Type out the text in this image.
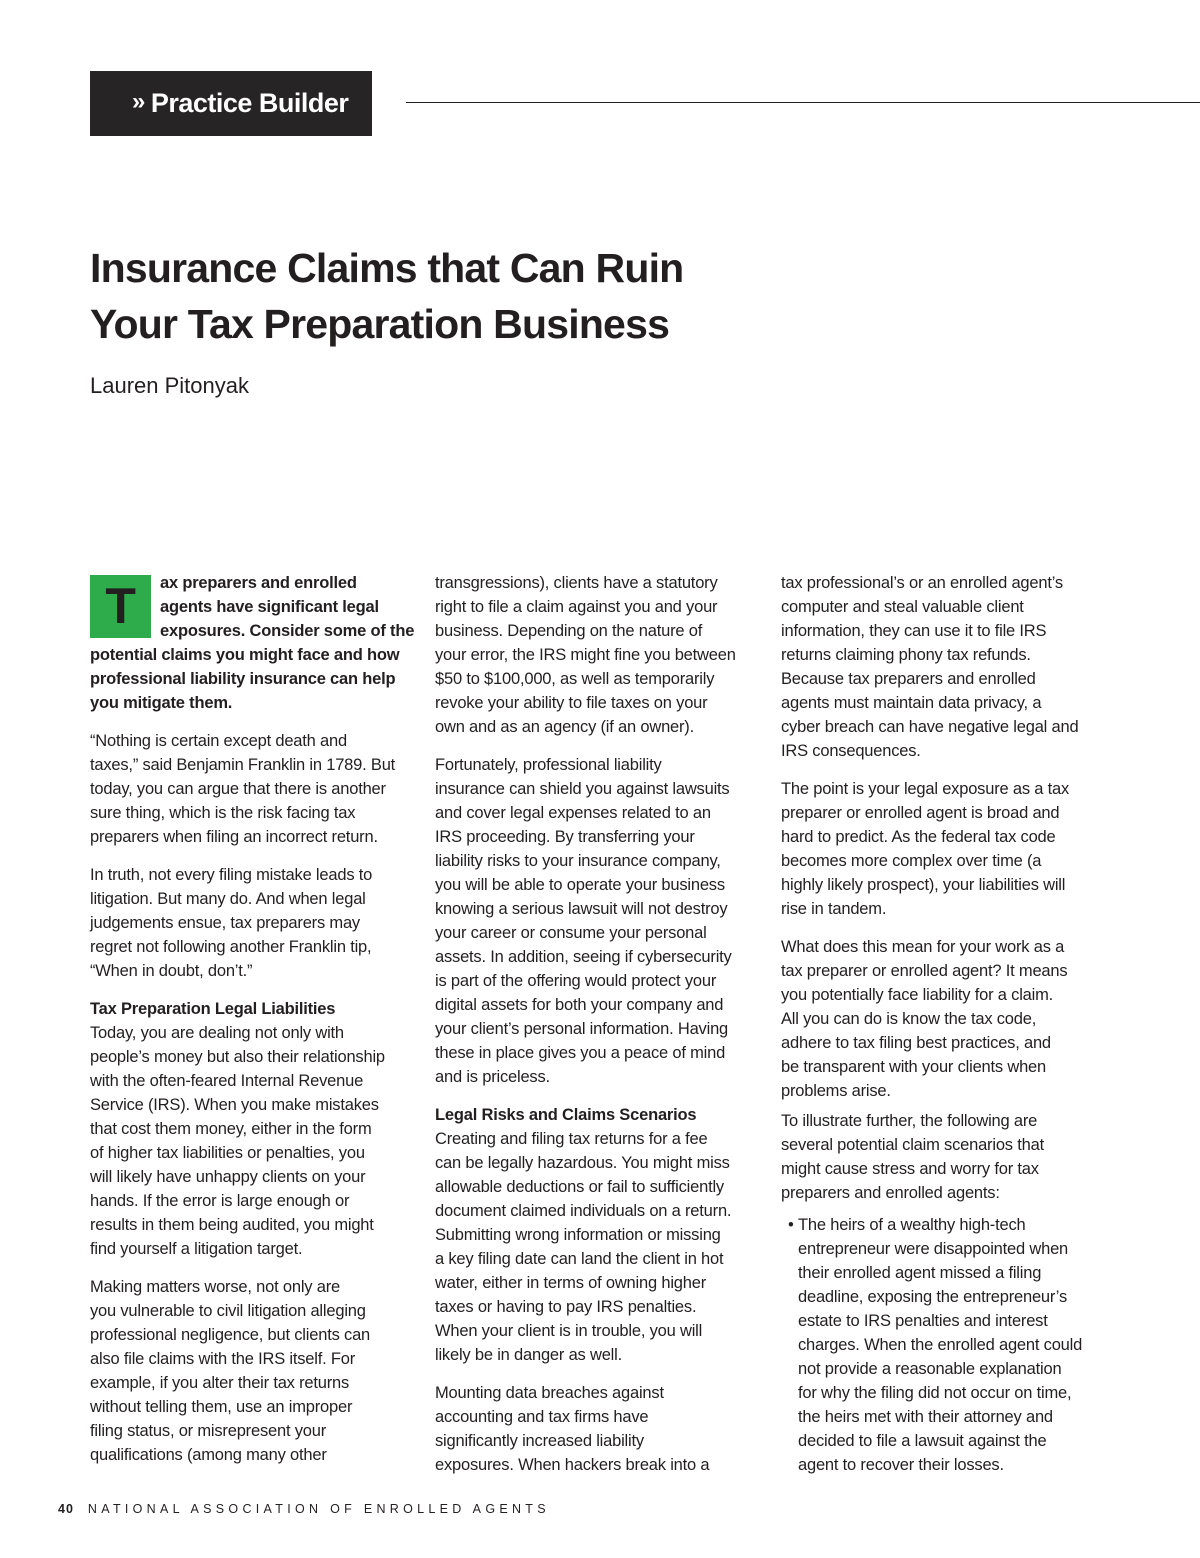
» Practice Builder
Insurance Claims that Can Ruin
Your Tax Preparation Business
Lauren Pitonyak

T	ax preparers and enrolled
agents have significant legal
exposures. Consider some of the
potential claims you might face and how
professional liability insurance can help
you mitigate them.

“Nothing is certain except death and
taxes,” said Benjamin Franklin in 1789. But
today, you can argue that there is another
sure thing, which is the risk facing tax
preparers when filing an incorrect return.

In truth, not every filing mistake leads to
litigation. But many do. And when legal
judgements ensue, tax preparers may
regret not following another Franklin tip,
“When in doubt, don’t.”

Tax Preparation Legal Liabilities
Today, you are dealing not only with
people’s money but also their relationship
with the often-feared Internal Revenue
Service (IRS). When you make mistakes
that cost them money, either in the form
of higher tax liabilities or penalties, you
will likely have unhappy clients on your
hands. If the error is large enough or
results in them being audited, you might
find yourself a litigation target.

Making matters worse, not only are
you vulnerable to civil litigation alleging
professional negligence, but clients can
also file claims with the IRS itself. For
example, if you alter their tax returns
without telling them, use an improper
filing status, or misrepresent your
qualifications (among many other

transgressions), clients have a statutory
right to file a claim against you and your
business. Depending on the nature of
your error, the IRS might fine you between
$50 to $100,000, as well as temporarily
revoke your ability to file taxes on your
own and as an agency (if an owner).

Fortunately, professional liability
insurance can shield you against lawsuits
and cover legal expenses related to an
IRS proceeding. By transferring your
liability risks to your insurance company,
you will be able to operate your business
knowing a serious lawsuit will not destroy
your career or consume your personal
assets. In addition, seeing if cybersecurity
is part of the offering would protect your
digital assets for both your company and
your client’s personal information. Having
these in place gives you a peace of mind
and is priceless.

Legal Risks and Claims Scenarios
Creating and filing tax returns for a fee
can be legally hazardous. You might miss
allowable deductions or fail to sufficiently
document claimed individuals on a return.
Submitting wrong information or missing
a key filing date can land the client in hot
water, either in terms of owning higher
taxes or having to pay IRS penalties.
When your client is in trouble, you will
likely be in danger as well.

Mounting data breaches against
accounting and tax firms have
significantly increased liability
exposures. When hackers break into a

tax professional’s or an enrolled agent’s
computer and steal valuable client
information, they can use it to file IRS
returns claiming phony tax refunds.
Because tax preparers and enrolled
agents must maintain data privacy, a
cyber breach can have negative legal and
IRS consequences.

The point is your legal exposure as a tax
preparer or enrolled agent is broad and
hard to predict. As the federal tax code
becomes more complex over time (a
highly likely prospect), your liabilities will
rise in tandem.

What does this mean for your work as a
tax preparer or enrolled agent? It means
you potentially face liability for a claim.
All you can do is know the tax code,
adhere to tax filing best practices, and
be transparent with your clients when
problems arise.

To illustrate further, the following are
several potential claim scenarios that
might cause stress and worry for tax
preparers and enrolled agents:

• The heirs of a wealthy high-tech
entrepreneur were disappointed when
their enrolled agent missed a filing
deadline, exposing the entrepreneur’s
estate to IRS penalties and interest
charges. When the enrolled agent could
not provide a reasonable explanation
for why the filing did not occur on time,
the heirs met with their attorney and
decided to file a lawsuit against the
agent to recover their losses.
40 NATIONAL ASSOCIATION OF ENROLLED AGENTS
